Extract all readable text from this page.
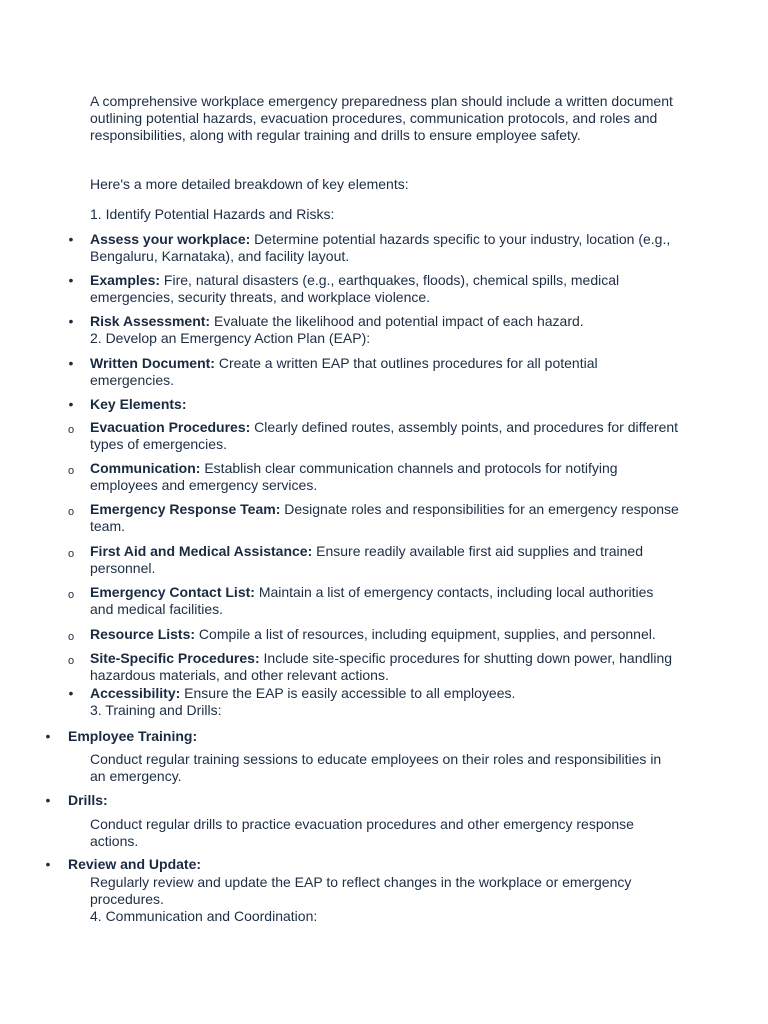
A comprehensive workplace emergency preparedness plan should include a written document outlining potential hazards, evacuation procedures, communication protocols, and roles and responsibilities, along with regular training and drills to ensure employee safety.

Here's a more detailed breakdown of key elements:

1. Identify Potential Hazards and Risks:

•

Assess your workplace: Determine potential hazards specific to your industry, location (e.g., Bengaluru, Karnataka), and facility layout.

•

Examples: Fire, natural disasters (e.g., earthquakes, floods), chemical spills, medical emergencies, security threats, and workplace violence.

•

Risk Assessment: Evaluate the likelihood and potential impact of each hazard.

2. Develop an Emergency Action Plan (EAP):

•

Written Document: Create a written EAP that outlines procedures for all potential emergencies.

•

Key Elements:

o

Evacuation Procedures: Clearly defined routes, assembly points, and procedures for different types of emergencies.

o

Communication: Establish clear communication channels and protocols for notifying employees and emergency services.

o

Emergency Response Team: Designate roles and responsibilities for an emergency response team.

o

First Aid and Medical Assistance: Ensure readily available first aid supplies and trained personnel.

o

Emergency Contact List: Maintain a list of emergency contacts, including local authorities and medical facilities.

o

Resource Lists: Compile a list of resources, including equipment, supplies, and personnel.

o

Site-Specific Procedures: Include site-specific procedures for shutting down power, handling hazardous materials, and other relevant actions.

•

Accessibility: Ensure the EAP is easily accessible to all employees.

3. Training and Drills:

•

Employee Training:

Conduct regular training sessions to educate employees on their roles and responsibilities in an emergency.

•

Drills:

Conduct regular drills to practice evacuation procedures and other emergency response actions.

•

Review and Update:

Regularly review and update the EAP to reflect changes in the workplace or emergency procedures.

4. Communication and Coordination:
